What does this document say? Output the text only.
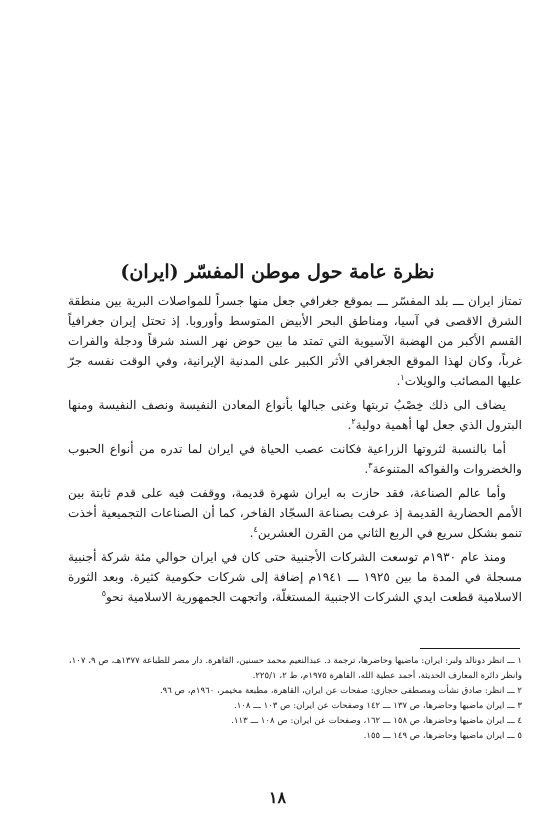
نظرة عامة حول موطن المفسّر (ايران)

تمتاز ايران ـــ بلد المفسّر ـــ بموقع جغرافي جعل منها جسراً للمواصلات البرية بين منطقة الشرق الاقصى في آسيا، ومناطق البحر الأبيض المتوسط وأوروبا. إذ تحتل إيران جغرافياً القسم الأكبر من الهضبة الآسيوية التي تمتد ما بين حوض نهر السند شرقاً ودجلة والفرات غرباً، وكان لهذا الموقع الجغرافي الأثر الكبير على المدنية الإيرانية، وفي الوقت نفسه جرّ عليها المصائب والويلات$^١$.

يضاف الى ذلك خِصْبُ تربتها وغنى جبالها بأنواع المعادن النفيسة ونصف النفيسة ومنها البترول الذي جعل لها أهمية دولية$^٢$.

أما بالنسبة لثروتها الزراعية فكانت عصب الحياة في ايران لما تدره من أنواع الحبوب والخضروات والفواكه المتنوعة$^٣$.

وأما عالم الصناعة، فقد حازت به ايران شهرة قديمة، ووقفت فيه على قدم ثابتة بين الأمم الحضارية القديمة إذ عرفت بصناعة السجّاد الفاخر، كما أن الصناعات التجميعية أخذت تنمو بشكل سريع في الربع الثاني من القرن العشرين$^٤$.

ومنذ عام ١٩٣٠م توسعت الشركات الأجنبية حتى كان في ايران حوالي مئة شركة أجنبية مسجلة في المدة ما بين ١٩٢٥ ـــ ١٩٤١م إضافة إلى شركات حكومية كثيرة. وبعد الثورة الاسلامية قطعت ايدي الشركات الاجنبية المستغلّة، واتجهت الجمهورية الاسلامية نحو$^٥$

١ ـــ انظر دونالد ولبر: ايران: ماضيها وحاضرها، ترجمة د. عبدالنعيم محمد حسنين، القاهرة. دار مصر للطباعة ١٣٧٧هـ، ص ٩، ١٠٧، وانظر دائرة المعارف الحديثة، أحمد عطية الله، القاهرة ١٩٧٥م، ط ٢، ٢٢٥/١.
٢ ـــ انظر: صادق نشأت ومصطفى حجازي: صفحات عن ايران، القاهرة، مطبعة مخيمر، ١٩٦٠م، ص ٩٦.
٣ ـــ ايران ماضيها وحاضرها، ص ١٣٧ ـــ ١٤٢ وصفحات عن ايران: ص ١٠٣ ـــ ١٠٨.
٤ ـــ ايران ماضيها وحاضرها، ص ١٥٨ ـــ ١٦٢، وصفحات عن ايران: ص ١٠٨ ـــ ١١٣.
٥ ـــ ايران ماضيها وحاضرها، ص ١٤٩ ـــ ١٥٥.
١٨
